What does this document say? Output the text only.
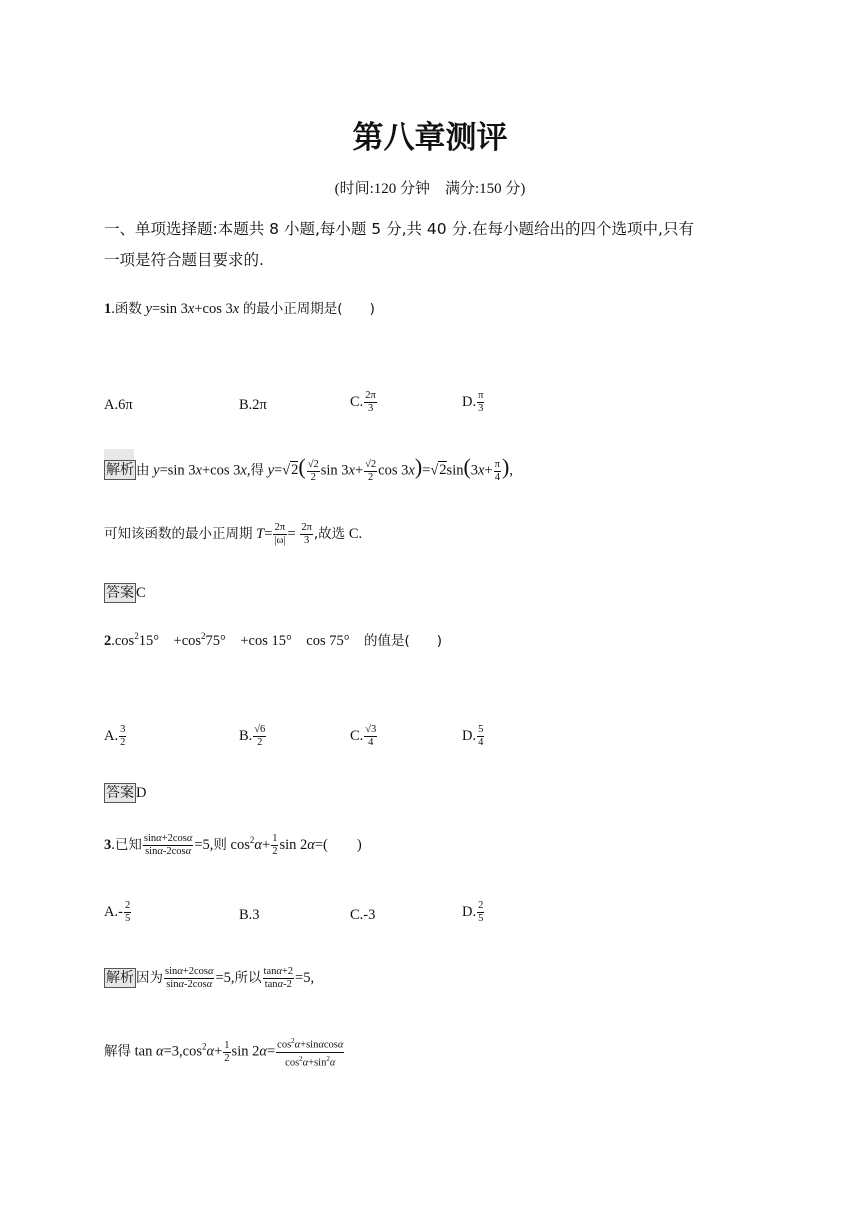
第八章测评
(时间:120 分钟　满分:150 分)
一、单项选择题:本题共 8 小题,每小题 5 分,共 40 分.在每小题给出的四个选项中,只有
一项是符合题目要求的.
1.函数 y=sin 3x+cos 3x 的最小正周期是(　　)
A.6π	B.2π	C. $\frac{2\pi}{3}$	D. $\frac{\pi}{3}$
解析 由 y=sin 3x+cos 3x,得 $y=√2( \frac{√2}{2}$ $\sin 3x+ \frac{√2}{2}$ $\cos 3x)=√2\sin(3x+ \frac{\pi}{4}$ ),
可知该函数的最小正周期 $T= \frac{2\pi}{|\omega|} = \frac{2\pi}{3}$ ,故选 C.
答案 C
$2.\cos^215^\circ$　$+\cos^275^\circ$　+cos 15°　cos 75°　的值是(　　)
A. $\frac{3}{2}$	B. $\frac{√6}{2}$	C. $\frac{√3}{4}$	D. $\frac{5}{4}$
答案 D
3.已知 $\frac{\sin\alpha+2\cos\alpha}{\sin\alpha-2\cos\alpha} =5$,则 $\cos^2\alpha+ \frac{1}{2}$ sin 2α=(　　)
$A.- \frac{2}{5}$	B.3	C.-3	D. $\frac{2}{5}$
解析 因为 $\frac{\sin\alpha+2\cos\alpha}{\sin\alpha-2\cos\alpha} =5$,所以 $\frac{\tan\alpha+2}{\tan\alpha-2} =5$,
解得 $\tan \alpha=3,\cos^2\alpha+ \frac{1}{2}$ $\sin 2\alpha= \frac{\cos^2\alpha+\sin\alpha\cos\alpha}{\cos^2\alpha+\sin^2\alpha}$
